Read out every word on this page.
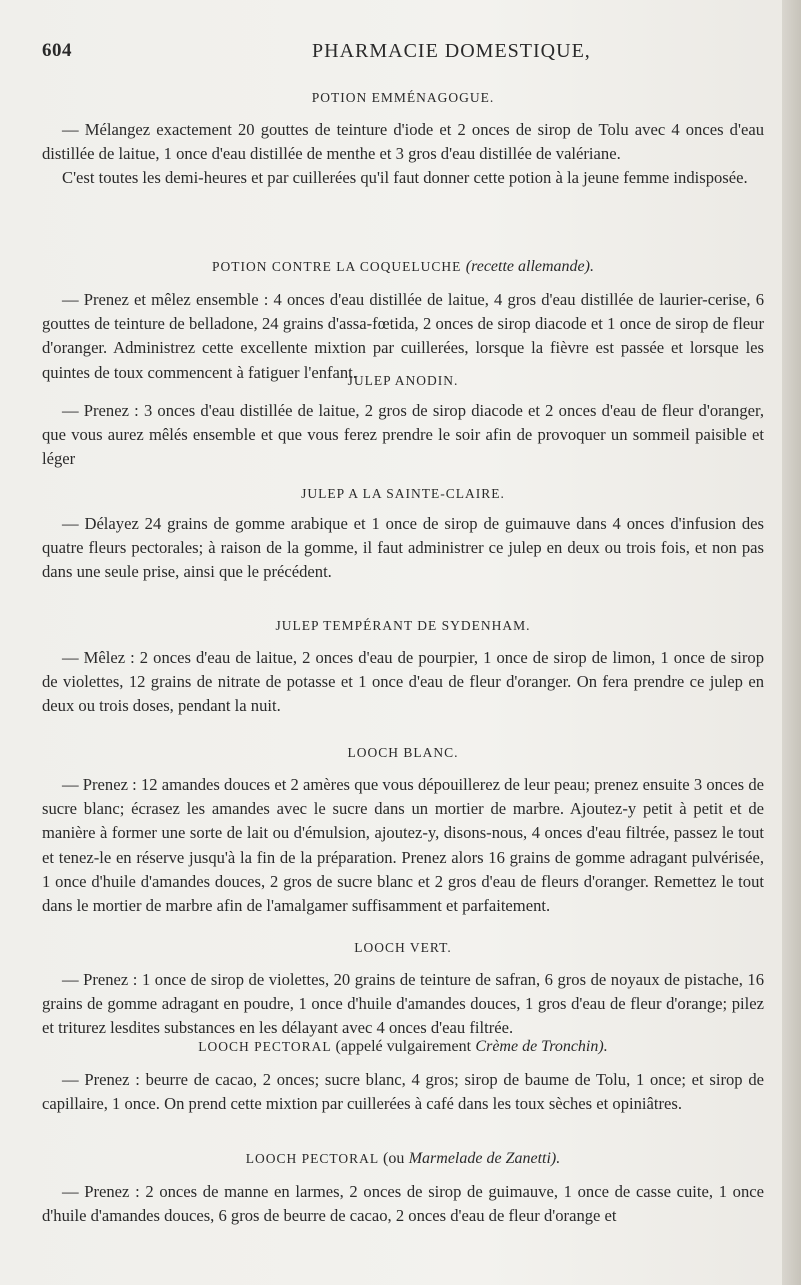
604	PHARMACIE DOMESTIQUE,

POTION EMMÉNAGOGUE.

— Mélangez exactement 20 gouttes de teinture d'iode et 2 onces de sirop de Tolu avec 4 onces d'eau distillée de laitue, 1 once d'eau distillée de menthe et 3 gros d'eau distillée de valériane.

C'est toutes les demi-heures et par cuillerées qu'il faut donner cette potion à la jeune femme indisposée.

POTION CONTRE LA COQUELUCHE (recette allemande).

— Prenez et mêlez ensemble : 4 onces d'eau distillée de laitue, 4 gros d'eau distillée de laurier-cerise, 6 gouttes de teinture de belladone, 24 grains d'assa-fœtida, 2 onces de sirop diacode et 1 once de sirop de fleur d'oranger. Administrez cette excellente mixtion par cuillerées, lorsque la fièvre est passée et lorsque les quintes de toux commencent à fatiguer l'enfant.

JULEP ANODIN.

— Prenez : 3 onces d'eau distillée de laitue, 2 gros de sirop diacode et 2 onces d'eau de fleur d'oranger, que vous aurez mêlés ensemble et que vous ferez prendre le soir afin de provoquer un sommeil paisible et léger

JULEP A LA SAINTE-CLAIRE.

— Délayez 24 grains de gomme arabique et 1 once de sirop de guimauve dans 4 onces d'infusion des quatre fleurs pectorales; à raison de la gomme, il faut administrer ce julep en deux ou trois fois, et non pas dans une seule prise, ainsi que le précédent.

JULEP TEMPÉRANT DE SYDENHAM.

— Mêlez : 2 onces d'eau de laitue, 2 onces d'eau de pourpier, 1 once de sirop de limon, 1 once de sirop de violettes, 12 grains de nitrate de potasse et 1 once d'eau de fleur d'oranger. On fera prendre ce julep en deux ou trois doses, pendant la nuit.

LOOCH BLANC.

— Prenez : 12 amandes douces et 2 amères que vous dépouillerez de leur peau; prenez ensuite 3 onces de sucre blanc; écrasez les amandes avec le sucre dans un mortier de marbre. Ajoutez-y petit à petit et de manière à former une sorte de lait ou d'émulsion, ajoutez-y, disons-nous, 4 onces d'eau filtrée, passez le tout et tenez-le en réserve jusqu'à la fin de la préparation. Prenez alors 16 grains de gomme adragant pulvérisée, 1 once d'huile d'amandes douces, 2 gros de sucre blanc et 2 gros d'eau de fleurs d'oranger. Remettez le tout dans le mortier de marbre afin de l'amalgamer suffisamment et parfaitement.

LOOCH VERT.

— Prenez : 1 once de sirop de violettes, 20 grains de teinture de safran, 6 gros de noyaux de pistache, 16 grains de gomme adragant en poudre, 1 once d'huile d'amandes douces, 1 gros d'eau de fleur d'orange; pilez et triturez lesdites substances en les délayant avec 4 onces d'eau filtrée.

LOOCH PECTORAL (appelé vulgairement Crème de Tronchin).

— Prenez : beurre de cacao, 2 onces; sucre blanc, 4 gros; sirop de baume de Tolu, 1 once; et sirop de capillaire, 1 once. On prend cette mixtion par cuillerées à café dans les toux sèches et opiniâtres.

LOOCH PECTORAL (ou Marmelade de Zanetti).

— Prenez : 2 onces de manne en larmes, 2 onces de sirop de guimauve, 1 once de casse cuite, 1 once d'huile d'amandes douces, 6 gros de beurre de cacao, 2 onces d'eau de fleur d'orange et
